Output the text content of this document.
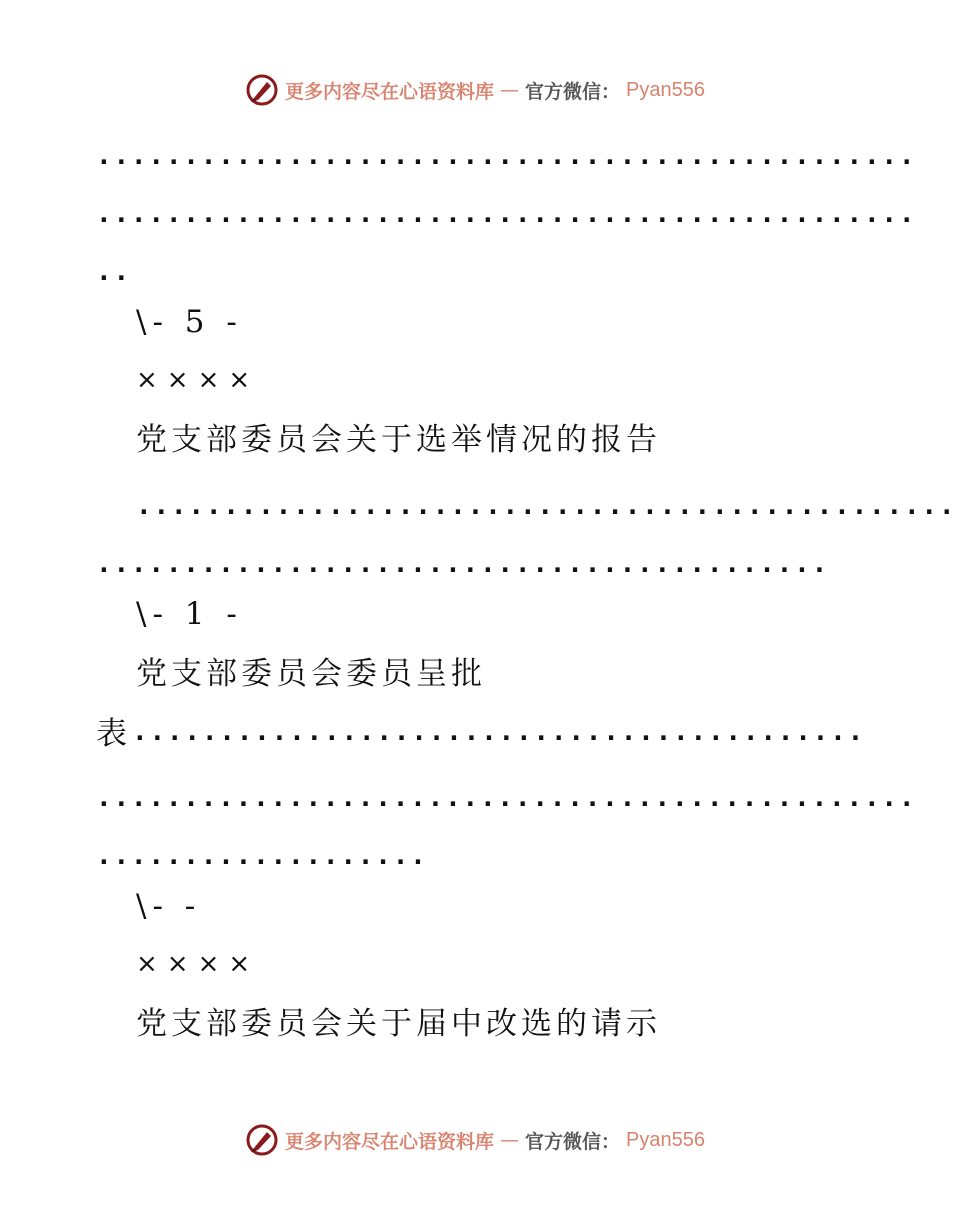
更多内容尽在心语资料库 — 官方微信： Pyan556
...............................................
...............................................
..
\- 5 -
××××
党支部委员会关于选举情况的报告
...............................................
..........................................
\- 1 -
党支部委员会委员呈批
表 ..........................................
...............................................
...................
\- -
××××
党支部委员会关于届中改选的请示
更多内容尽在心语资料库 — 官方微信： Pyan556
